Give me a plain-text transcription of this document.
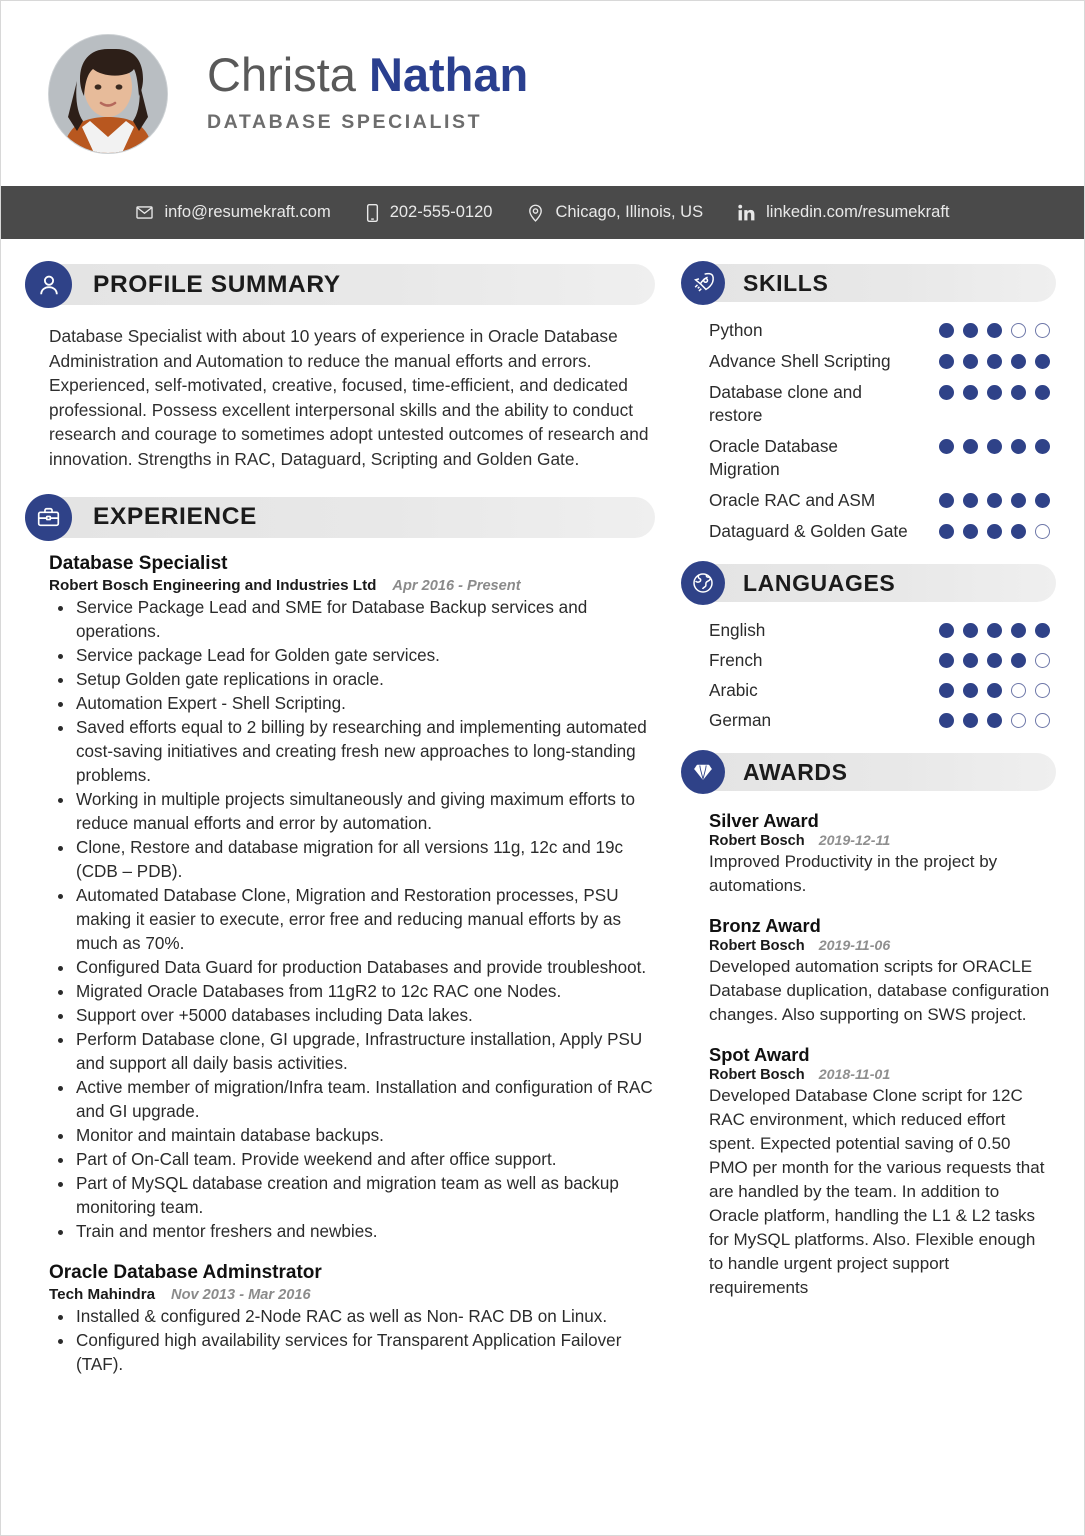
Christa Nathan
DATABASE SPECIALIST
info@resumekraft.com	202-555-0120	Chicago, Illinois, US	linkedin.com/resumekraft
PROFILE SUMMARY
Database Specialist with about 10 years of experience in Oracle Database Administration and Automation to reduce the manual efforts and errors. Experienced, self-motivated, creative, focused, time-efficient, and dedicated professional. Possess excellent interpersonal skills and the ability to conduct research and courage to sometimes adopt untested outcomes of research and innovation. Strengths in RAC, Dataguard, Scripting and Golden Gate.
EXPERIENCE
Database Specialist
Robert Bosch Engineering and Industries Ltd Apr 2016 - Present
Service Package Lead and SME for Database Backup services and operations.
Service package Lead for Golden gate services.
Setup Golden gate replications in oracle.
Automation Expert - Shell Scripting.
Saved efforts equal to 2 billing by researching and implementing automated cost-saving initiatives and creating fresh new approaches to long-standing problems.
Working in multiple projects simultaneously and giving maximum efforts to reduce manual efforts and error by automation.
Clone, Restore and database migration for all versions 11g, 12c and 19c (CDB – PDB).
Automated Database Clone, Migration and Restoration processes, PSU making it easier to execute, error free and reducing manual efforts by as much as 70%.
Configured Data Guard for production Databases and provide troubleshoot.
Migrated Oracle Databases from 11gR2 to 12c RAC one Nodes.
Support over +5000 databases including Data lakes.
Perform Database clone, GI upgrade, Infrastructure installation, Apply PSU and support all daily basis activities.
Active member of migration/Infra team. Installation and configuration of RAC and GI upgrade.
Monitor and maintain database backups.
Part of On-Call team. Provide weekend and after office support.
Part of MySQL database creation and migration team as well as backup monitoring team.
Train and mentor freshers and newbies.
Oracle Database Adminstrator
Tech Mahindra Nov 2013 - Mar 2016
Installed & configured 2-Node RAC as well as Non- RAC DB on Linux.
Configured high availability services for Transparent Application Failover (TAF).
SKILLS
Python
Advance Shell Scripting
Database clone and restore
Oracle Database Migration
Oracle RAC and ASM
Dataguard & Golden Gate
LANGUAGES
English
French
Arabic
German
AWARDS
Silver Award
Robert Bosch 2019-12-11
Improved Productivity in the project by automations.
Bronz Award
Robert Bosch 2019-11-06
Developed automation scripts for ORACLE Database duplication, database configuration changes. Also supporting on SWS project.
Spot Award
Robert Bosch 2018-11-01
Developed Database Clone script for 12C RAC environment, which reduced effort spent. Expected potential saving of 0.50 PMO per month for the various requests that are handled by the team. In addition to Oracle platform, handling the L1 & L2 tasks for MySQL platforms. Also. Flexible enough to handle urgent project support requirements
